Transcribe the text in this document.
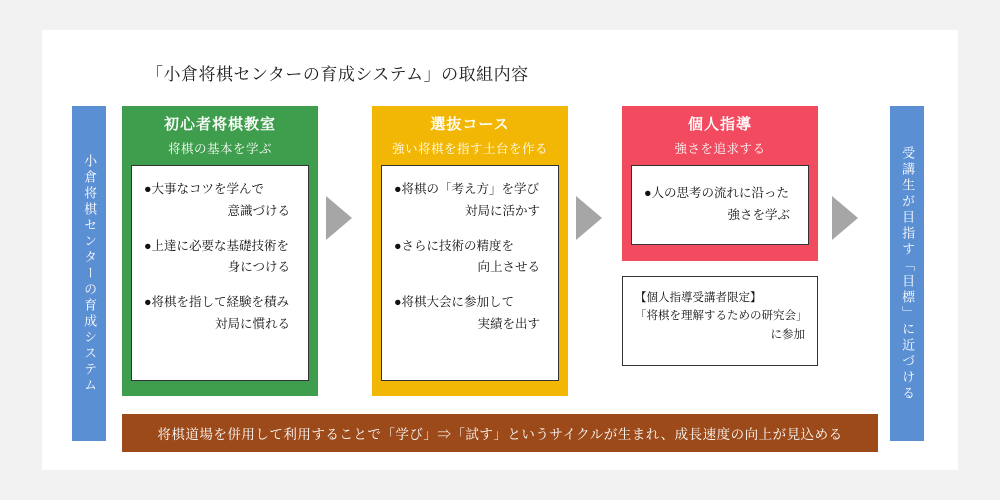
「小倉将棋センターの育成システム」の取組内容
小倉将棋センターの育成システム	受講生が目指す「目標」に近づける
初心者将棋教室
将棋の基本を学ぶ
●大事なコツを学んで
意識づける
●上達に必要な基礎技術を
身につける
●将棋を指して経験を積み
対局に慣れる
選抜コース
強い将棋を指す土台を作る
●将棋の「考え方」を学び
対局に活かす
●さらに技術の精度を
向上させる
●将棋大会に参加して
実績を出す
個人指導
強さを追求する
●人の思考の流れに沿った
強さを学ぶ
【個人指導受講者限定】
「将棋を理解するための研究会」
に参加
将棋道場を併用して利用することで「学び」⇒「試す」というサイクルが生まれ、成長速度の向上が見込める
